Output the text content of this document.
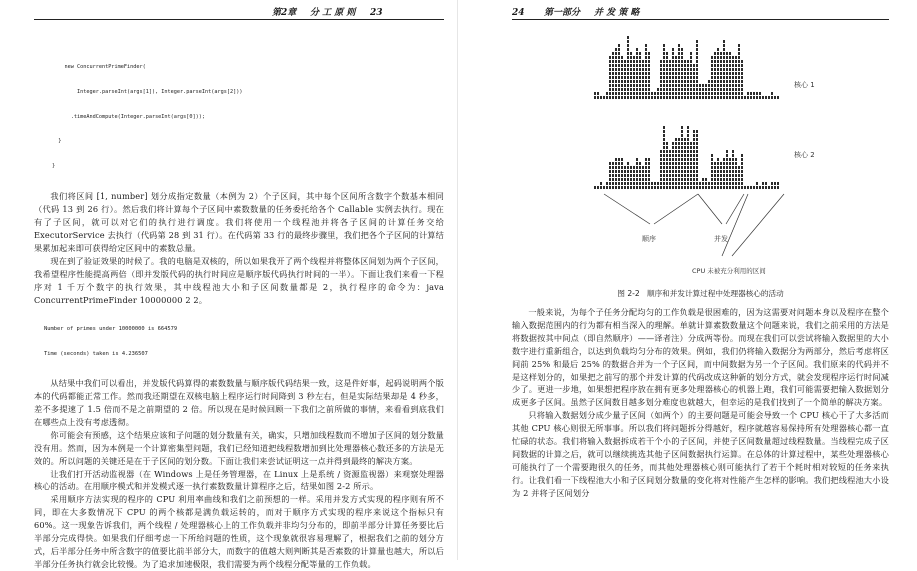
第2章 分 工 原 则 23

new ConcurrentPrimeFinder(

Integer.parseInt(args[1]), Integer.parseInt(args[2]))

.timeAndCompute(Integer.parseInt(args[0]));

}

}

我们将区间 [1, number] 划分成指定数量（本例为 2）个子区间，其中每个区间所含数字个数基本相同（代码 13 到 26 行）。然后我们将计算每个子区间中素数数量的任务委托给各个 Callable 实例去执行。现在有了子区间，就可以对它们的执行进行调度。我们将使用一个线程池并将各子区间的计算任务交给 ExecutorService 去执行（代码第 28 到 31 行）。在代码第 33 行的最终步骤里，我们把各个子区间的计算结果累加起来即可获得给定区间中的素数总量。

现在到了验证效果的时候了。我的电脑是双核的，所以如果我开了两个线程并将整体区间划为两个子区间，我希望程序性能提高两倍（即并发版代码的执行时间应是顺序版代码执行时间的一半）。下面让我们来看一下程序对 1 千万个数字的执行效果，其中线程池大小和子区间数量都是 2，执行程序的命令为：java ConcurrentPrimeFinder 10000000 2 2。

Number of primes under 10000000 is 664579

Time (seconds) taken is 4.236507

从结果中我们可以看出，并发版代码算得的素数数量与顺序版代码结果一致，这是件好事，起码说明两个版本的代码都能正常工作。然而我还期望在双核电脑上程序运行时间降到 3 秒左右，但是实际结果却是 4 秒多，差不多提速了 1.5 倍而不是之前期望的 2 倍。所以现在是时候回顾一下我们之前所做的事情，来看看到底我们在哪些点上没有考虑透彻。

你可能会有预感，这个结果应该和子问题的划分数量有关，确实，只增加线程数而不增加子区间的划分数量没有用。然而，因为本例是一个计算密集型问题，我们已经知道把线程数增加到比处理器核心数还多的方法是无效的。所以问题的关键还是在于子区间的划分数。下面让我们来尝试证明这一点并得到最终的解决方案。

让我们打开活动监视器（在 Windows 上是任务管理器，在 Linux 上是系统 / 资源监视器）来观察处理器核心的活动。在用顺序模式和并发模式逐一执行素数数量计算程序之后，结果如图 2-2 所示。

采用顺序方法实现的程序的 CPU 利用率曲线和我们之前预想的一样。采用并发方式实现的程序则有所不同，即在大多数情况下 CPU 的两个核都是满负载运转的，而对于顺序方式实现的程序来说这个指标只有 60%。这一现象告诉我们，两个线程 / 处理器核心上的工作负载并非均匀分布的，即前半部分计算任务要比后半部分完成得快。如果我们仔细考虑一下所给问题的性质，这个现象就很容易理解了，根据我们之前的划分方式，后半部分任务中所含数字的值要比前半部分大，而数字的值越大则判断其是否素数的计算量也越大，所以后半部分任务执行就会比较慢。为了追求加速极限，我们需要为两个线程分配等量的工作负载。

24 第一部分 并 发 策 略
核心 1
核心 2
顺序	并发
CPU 未被充分利用的区间
图 2-2 顺序和并发计算过程中处理器核心的活动

一般来说，为每个子任务分配均匀的工作负载是很困难的，因为这需要对问题本身以及程序在整个输入数据范围内的行为都有相当深入的理解。单就计算素数数量这个问题来说，我们之前采用的方法是将数据按其中间点（即自然顺序）——译者注）分成两等份。而现在我们可以尝试将输入数据里的大小数字进行重新组合，以达到负载均匀分布的效果。例如，我们仍将输入数据分为两部分，然后考虑将区间前 25% 和最后 25% 的数据合并为一个子区间，而中间数据为另一个子区间。我们原来的代码并不是这样划分的，如果把之前写的那个并发计算的代码改成这种新的划分方式，就会发现程序运行时间减少了。更进一步地，如果想把程序放在拥有更多处理器核心的机器上跑，我们可能需要把输入数据划分成更多子区间。虽然子区间数目越多划分难度也就越大，但幸运的是我们找到了一个简单的解决方案。

只将输入数据划分成少量子区间（如两个）的主要问题是可能会导致一个 CPU 核心干了大多活而其他 CPU 核心则很无所事事。所以我们将问题拆分得越好，程序就越容易保持所有处理器核心都一直忙碌的状态。我们将输入数据拆成若干个小的子区间，并使子区间数量超过线程数量。当线程完成子区间数据的计算之后，就可以继续挑选其他子区间数据执行运算。在总体的计算过程中，某些处理器核心可能执行了一个需要跑很久的任务，而其他处理器核心则可能执行了若干个耗时相对较短的任务来执行。让我们看一下线程池大小和子区间划分数量的变化将对性能产生怎样的影响。我们把线程池大小设为 2 并将子区间划分
